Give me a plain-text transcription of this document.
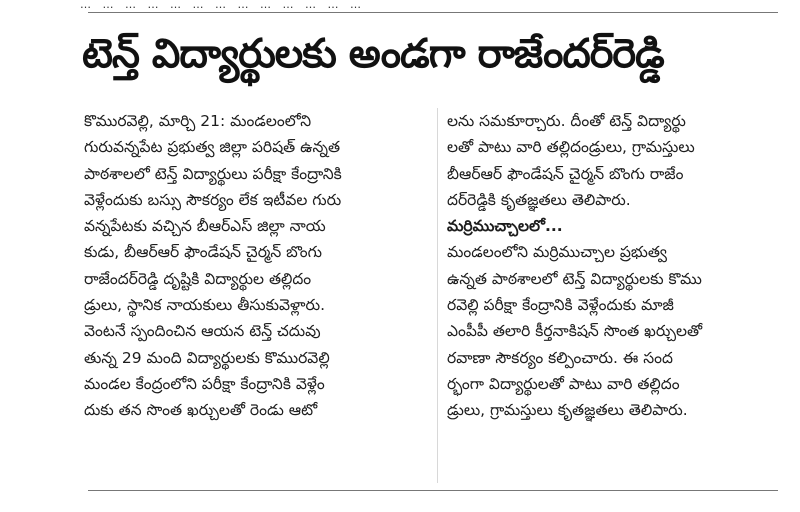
… … … … … … … … … … … … …
టెన్త్ విద్యార్థులకు అండగా రాజేందర్‌రెడ్డి
కొమురవెల్లి, మార్చి 21: మండలంలోని
గురువన్నపేట ప్రభుత్వ జిల్లా పరిషత్ ఉన్నత
పాఠశాలలో టెన్త్ విద్యార్థులు పరీక్షా కేంద్రానికి
వెళ్లేందుకు బస్సు సౌకర్యం లేక ఇటీవల గురు
వన్నపేటకు వచ్చిన బీఆర్ఎస్ జిల్లా నాయ
కుడు, బీఆర్ఆర్ ఫౌండేషన్ చైర్మన్ బొంగు
రాజేందర్‌రెడ్డి దృష్టికి విద్యార్థుల తల్లిదం
డ్రులు, స్థానిక నాయకులు తీసుకువెళ్లారు.
వెంటనే స్పందించిన ఆయన టెన్త్ చదువు
తున్న 29 మంది విద్యార్థులకు కొమురవెల్లి
మండల కేంద్రంలోని పరీక్షా కేంద్రానికి వెళ్లేం
దుకు తన సొంత ఖర్చులతో రెండు ఆటో
లను సమకూర్చారు. దీంతో టెన్త్ విద్యార్థు
లతో పాటు వారి తల్లిదండ్రులు, గ్రామస్తులు
బీఆర్ఆర్ ఫౌండేషన్ చైర్మన్ బొంగు రాజేం
దర్‌రెడ్డికి కృతజ్ఞతలు తెలిపారు.
మర్రిముచ్చాలలో...
మండలంలోని మర్రిముచ్చాల ప్రభుత్వ
ఉన్నత పాఠశాలలో టెన్త్ విద్యార్థులకు కొము
రవెల్లి పరీక్షా కేంద్రానికి వెళ్లేందుకు మాజీ
ఎంపీపీ తలారి కీర్తనాకిషన్ సొంత ఖర్చులతో
రవాణా సౌకర్యం కల్పించారు. ఈ సంద
ర్భంగా విద్యార్థులతో పాటు వారి తల్లిదం
డ్రులు, గ్రామస్తులు కృతజ్ఞతలు తెలిపారు.
